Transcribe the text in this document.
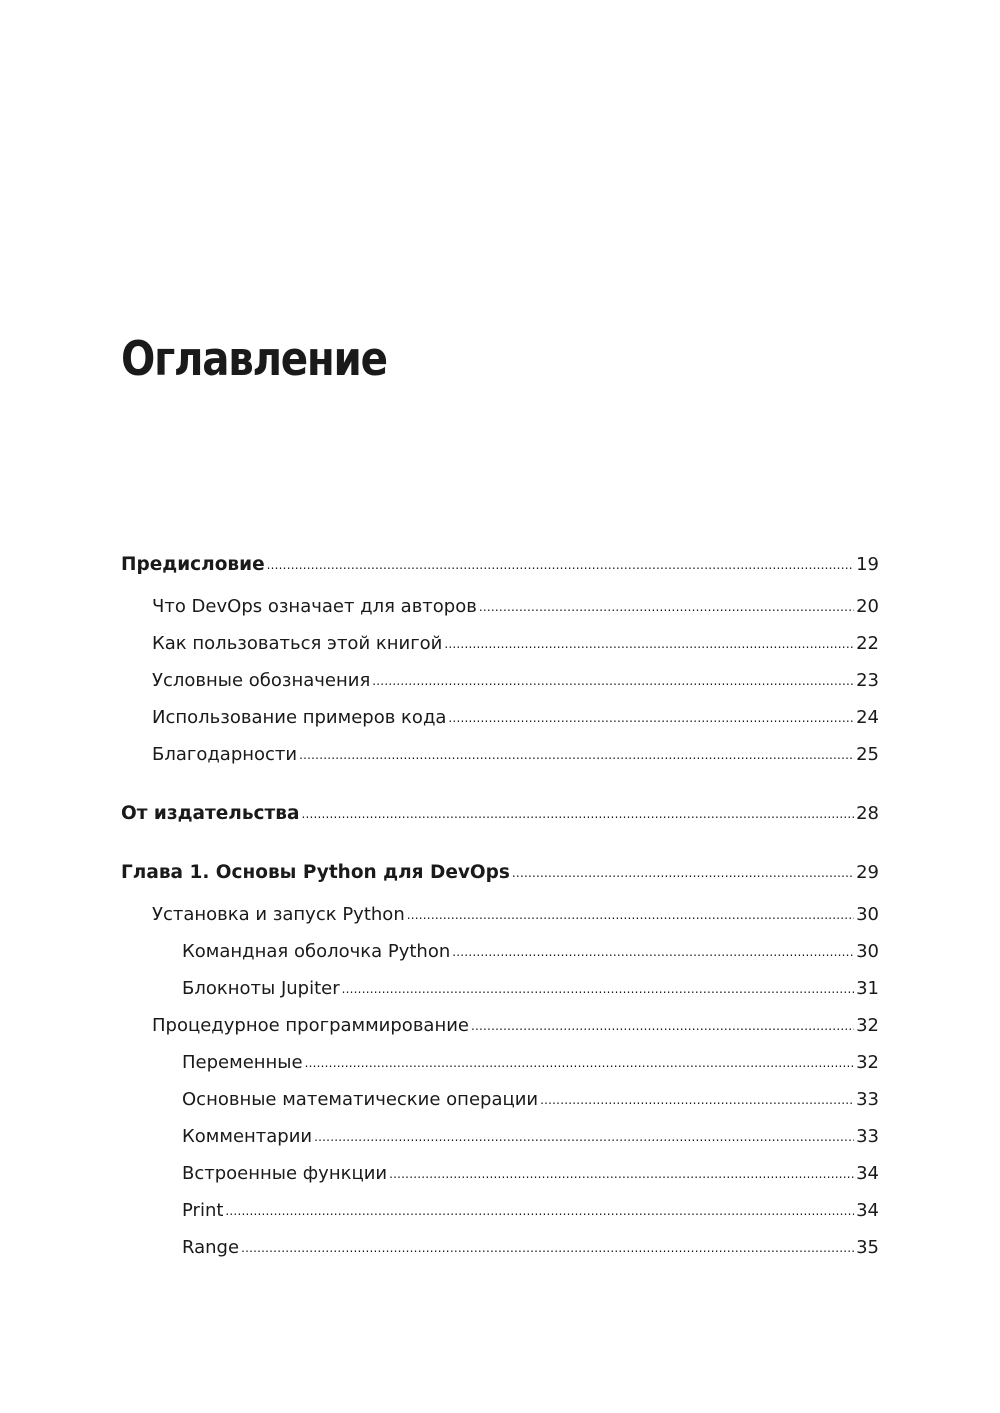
Оглавление
Предисловие .....	19
Что DevOps означает для авторов .....	20
Как пользоваться этой книгой .....	22
Условные обозначения .....	23
Использование примеров кода .....	24
Благодарности .....	25
От издательства .....	28
Глава 1. Основы Python для DevOps .....	29
Установка и запуск Python .....	30
Командная оболочка Python .....	30
Блокноты Jupiter .....	31
Процедурное программирование .....	32
Переменные .....	32
Основные математические операции .....	33
Комментарии .....	33
Встроенные функции .....	34
Print .....	34
Range .....	35
